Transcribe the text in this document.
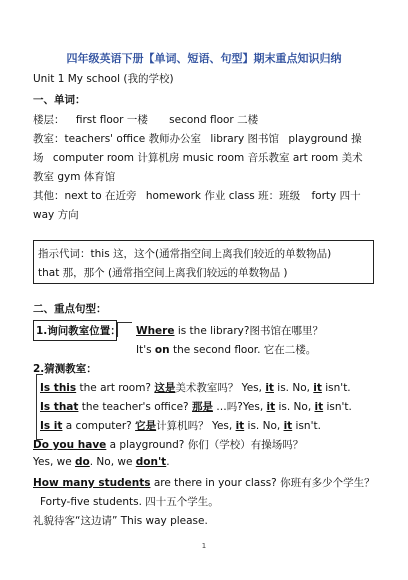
四年级英语下册【单词、短语、句型】期末重点知识归纳
Unit 1 My school (我的学校)
一、单词：
楼层： first floor 一楼 second floor 二楼
教室：teachers' office 教师办公室 library 图书馆 playground 操
场 computer room 计算机房 music room 音乐教室 art room 美术
教室 gym 体育馆
其他：next to 在近旁 homework 作业 class 班：班级 forty 四十
way 方向
指示代词：this 这，这个(通常指空间上离我们较近的单数物品)
that 那，那个 (通常指空间上离我们较远的单数物品 )
二、重点句型：
1.询问教室位置： Where is the library?图书馆在哪里？
It's on the second floor. 它在二楼。
2.猜测教室：
Is this the art room? 这是美术教室吗？ Yes, it is. No, it isn't.
Is that the teacher's office? 那是 …吗?Yes, it is. No, it isn't.
Is it a computer? 它是计算机吗？ Yes, it is. No, it isn't.
Do you have a playground? 你们（学校）有操场吗？
Yes, we do. No, we don't.
How many students are there in your class? 你班有多少个学生？
Forty-five students. 四十五个学生。
礼貌待客“这边请” This way please.
1
